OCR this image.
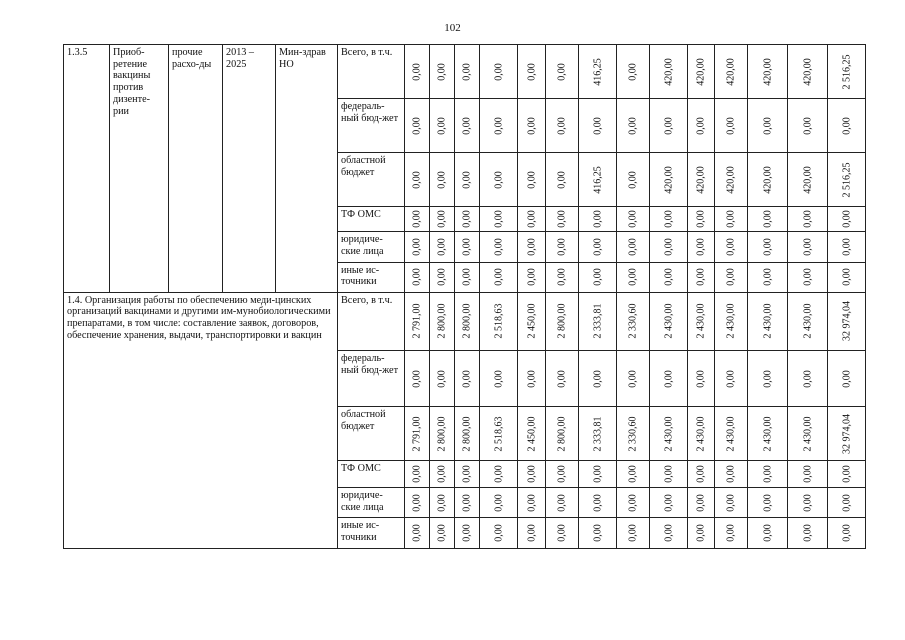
102
1.3.5	Приоб-ретение вакцины против дизенте-рии	прочие расхо-ды	2013 – 2025	Мин-здрав НО	Всего, в т.ч.	0,00	0,00	0,00	0,00	0,00	0,00	416,25	0,00	420,00	420,00	420,00	420,00	420,00	2 516,25

					федераль-ный бюд-жет	0,00	0,00	0,00	0,00	0,00	0,00	0,00	0,00	0,00	0,00	0,00	0,00	0,00	0,00

					областной бюджет	0,00	0,00	0,00	0,00	0,00	0,00	416,25	0,00	420,00	420,00	420,00	420,00	420,00	2 516,25

					ТФ ОМС	0,00	0,00	0,00	0,00	0,00	0,00	0,00	0,00	0,00	0,00	0,00	0,00	0,00	0,00

					юридиче-ские лица	0,00	0,00	0,00	0,00	0,00	0,00	0,00	0,00	0,00	0,00	0,00	0,00	0,00	0,00

					иные ис-точники	0,00	0,00	0,00	0,00	0,00	0,00	0,00	0,00	0,00	0,00	0,00	0,00	0,00	0,00

1.4. Организация работы по обеспечению меди-цинских организаций вакцинами и другими им-мунобиологическими препаратами, в том числе: составление заявок, договоров, обеспечение хранения, выдачи, транспортировки и вакцин					Всего, в т.ч.	2 791,00	2 800,00	2 800,00	2 518,63	2 450,00	2 800,00	2 333,81	2 330,60	2 430,00	2 430,00	2 430,00	2 430,00	2 430,00	32 974,04

					федераль-ный бюд-жет	0,00	0,00	0,00	0,00	0,00	0,00	0,00	0,00	0,00	0,00	0,00	0,00	0,00	0,00

					областной бюджет	2 791,00	2 800,00	2 800,00	2 518,63	2 450,00	2 800,00	2 333,81	2 330,60	2 430,00	2 430,00	2 430,00	2 430,00	2 430,00	32 974,04

					ТФ ОМС	0,00	0,00	0,00	0,00	0,00	0,00	0,00	0,00	0,00	0,00	0,00	0,00	0,00	0,00

					юридиче-ские лица	0,00	0,00	0,00	0,00	0,00	0,00	0,00	0,00	0,00	0,00	0,00	0,00	0,00	0,00

					иные ис-точники	0,00	0,00	0,00	0,00	0,00	0,00	0,00	0,00	0,00	0,00	0,00	0,00	0,00	0,00
